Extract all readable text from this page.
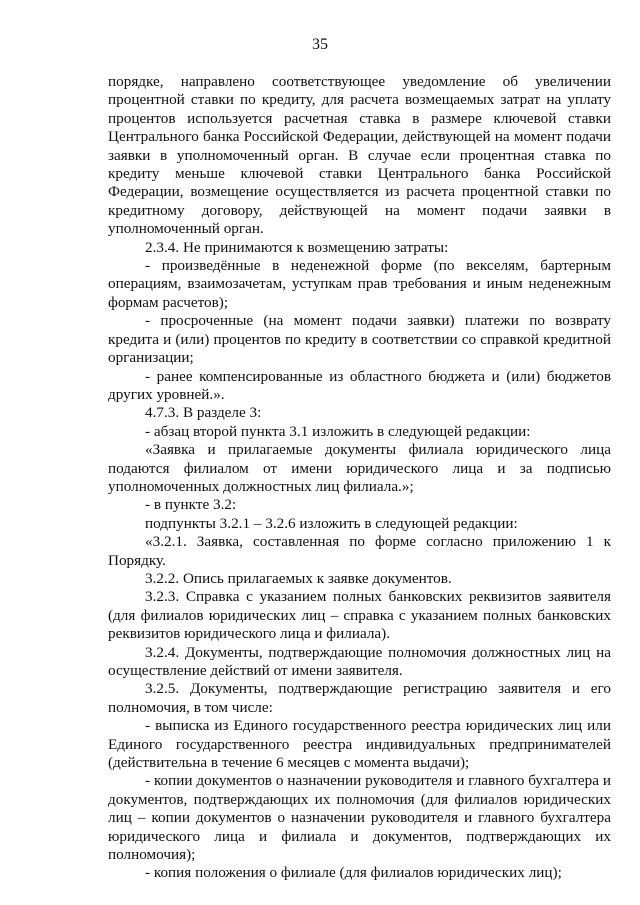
35

порядке, направлено соответствующее уведомление об увеличении процентной ставки по кредиту, для расчета возмещаемых затрат на уплату процентов используется расчетная ставка в размере ключевой ставки Центрального банка Российской Федерации, действующей на момент подачи заявки в уполномоченный орган. В случае если процентная ставка по кредиту меньше ключевой ставки Центрального банка Российской Федерации, возмещение осуществляется из расчета процентной ставки по кредитному договору, действующей на момент подачи заявки в уполномоченный орган.

2.3.4. Не принимаются к возмещению затраты:

- произведённые в неденежной форме (по векселям, бартерным операциям, взаимозачетам, уступкам прав требования и иным неденежным формам расчетов);

- просроченные (на момент подачи заявки) платежи по возврату кредита и (или) процентов по кредиту в соответствии со справкой кредитной организации;

- ранее компенсированные из областного бюджета и (или) бюджетов других уровней.».

4.7.3. В разделе 3:

- абзац второй пункта 3.1 изложить в следующей редакции:

«Заявка и прилагаемые документы филиала юридического лица подаются филиалом от имени юридического лица и за подписью уполномоченных должностных лиц филиала.»;

- в пункте 3.2:

подпункты 3.2.1 – 3.2.6 изложить в следующей редакции:

«3.2.1. Заявка, составленная по форме согласно приложению 1 к Порядку.

3.2.2. Опись прилагаемых к заявке документов.

3.2.3. Справка с указанием полных банковских реквизитов заявителя (для филиалов юридических лиц – справка с указанием полных банковских реквизитов юридического лица и филиала).

3.2.4. Документы, подтверждающие полномочия должностных лиц на осуществление действий от имени заявителя.

3.2.5. Документы, подтверждающие регистрацию заявителя и его полномочия, в том числе:

- выписка из Единого государственного реестра юридических лиц или Единого государственного реестра индивидуальных предпринимателей (действительна в течение 6 месяцев с момента выдачи);

- копии документов о назначении руководителя и главного бухгалтера и документов, подтверждающих их полномочия (для филиалов юридических лиц – копии документов о назначении руководителя и главного бухгалтера юридического лица и филиала и документов, подтверждающих их полномочия);

- копия положения о филиале (для филиалов юридических лиц);
